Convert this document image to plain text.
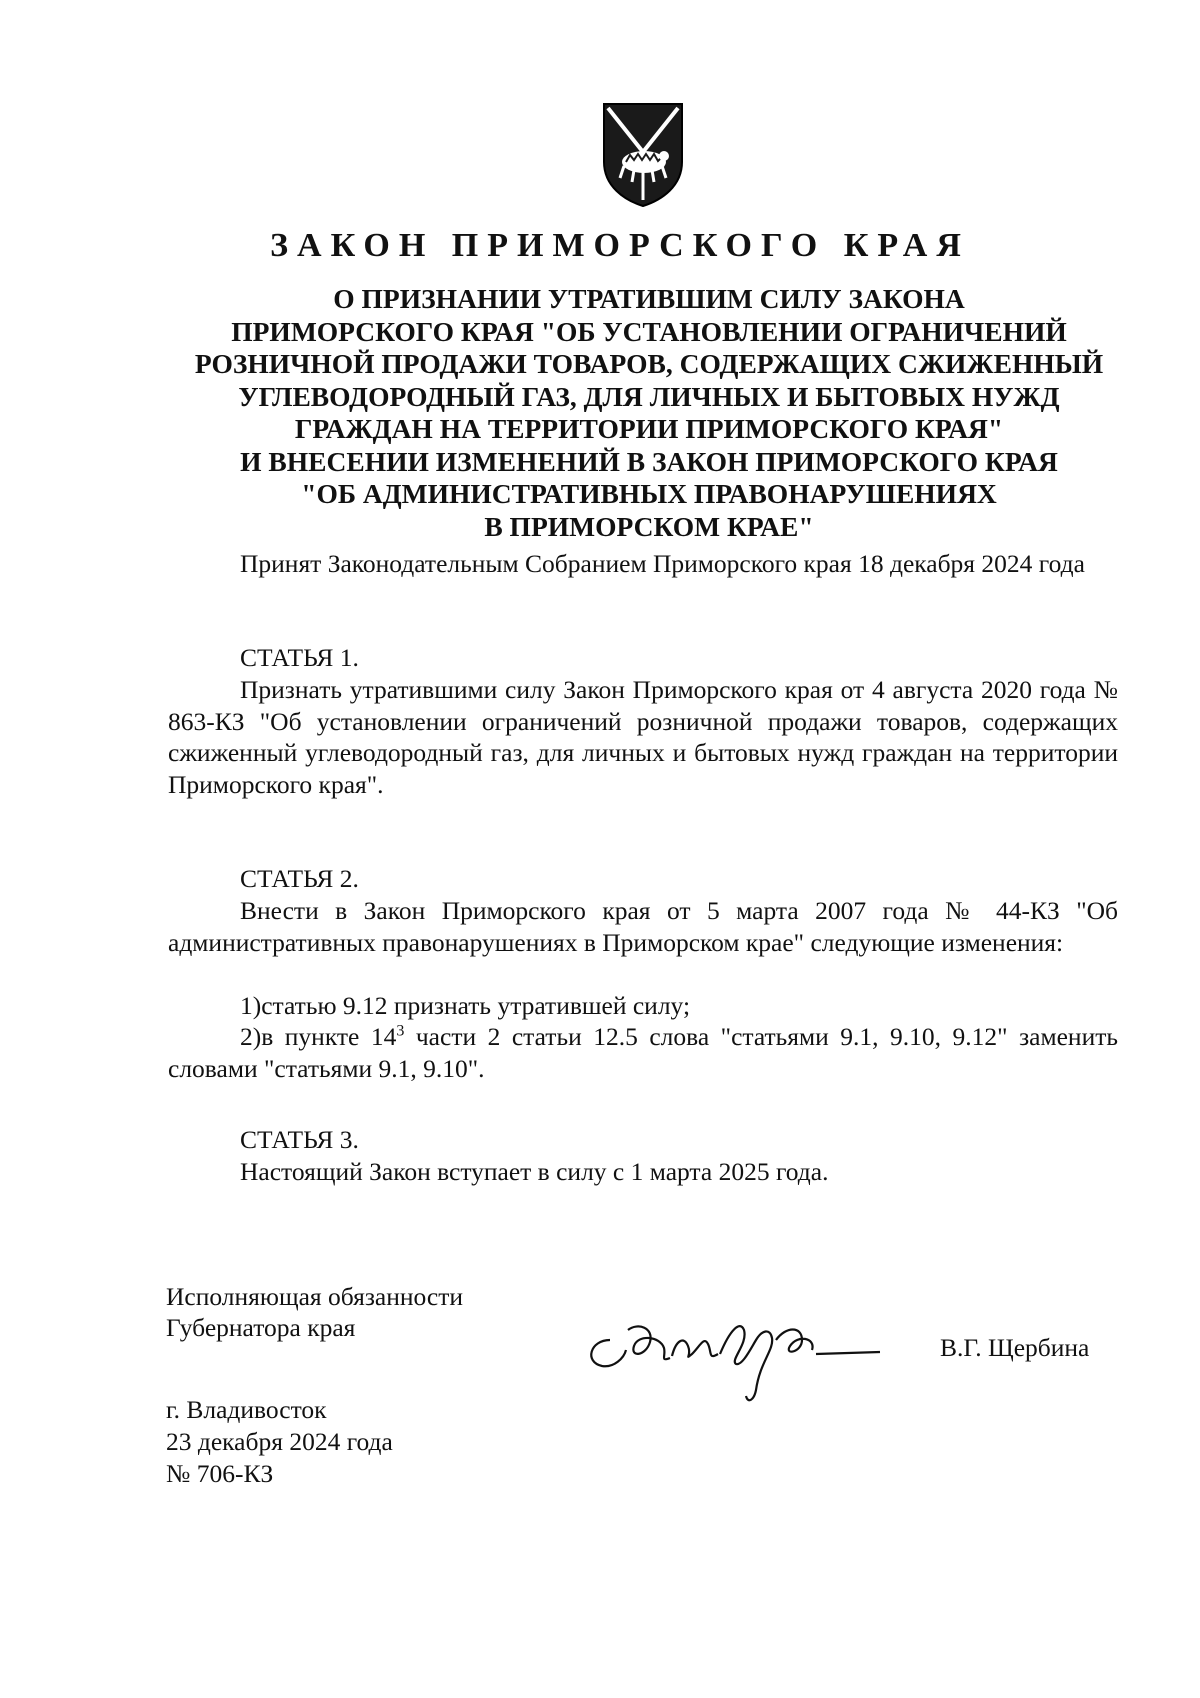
ЗАКОН ПРИМОРСКОГО КРАЯ
О ПРИЗНАНИИ УТРАТИВШИМ СИЛУ ЗАКОНА
ПРИМОРСКОГО КРАЯ "ОБ УСТАНОВЛЕНИИ ОГРАНИЧЕНИЙ
РОЗНИЧНОЙ ПРОДАЖИ ТОВАРОВ, СОДЕРЖАЩИХ СЖИЖЕННЫЙ
УГЛЕВОДОРОДНЫЙ ГАЗ, ДЛЯ ЛИЧНЫХ И БЫТОВЫХ НУЖД
ГРАЖДАН НА ТЕРРИТОРИИ ПРИМОРСКОГО КРАЯ"
И ВНЕСЕНИИ ИЗМЕНЕНИЙ В ЗАКОН ПРИМОРСКОГО КРАЯ
"ОБ АДМИНИСТРАТИВНЫХ ПРАВОНАРУШЕНИЯХ
В ПРИМОРСКОМ КРАЕ"
Принят Законодательным Собранием Приморского края 18 декабря 2024 года
СТАТЬЯ 1.
Признать утратившими силу Закон Приморского края от 4 августа 2020 года № 863-КЗ "Об установлении ограничений розничной продажи товаров, содержащих сжиженный углеводородный газ, для личных и бытовых нужд граждан на территории Приморского края".
СТАТЬЯ 2.
Внести в Закон Приморского края от 5 марта 2007 года № 44-КЗ "Об административных правонарушениях в Приморском крае" следующие изменения:
1)статью 9.12 признать утратившей силу;
2)в пункте $14^3$ части 2 статьи 12.5 слова "статьями 9.1, 9.10, 9.12" заменить словами "статьями 9.1, 9.10".
СТАТЬЯ 3.
Настоящий Закон вступает в силу с 1 марта 2025 года.
Исполняющая обязанности
Губернатора края
В.Г. Щербина
г. Владивосток
23 декабря 2024 года
№ 706-КЗ
